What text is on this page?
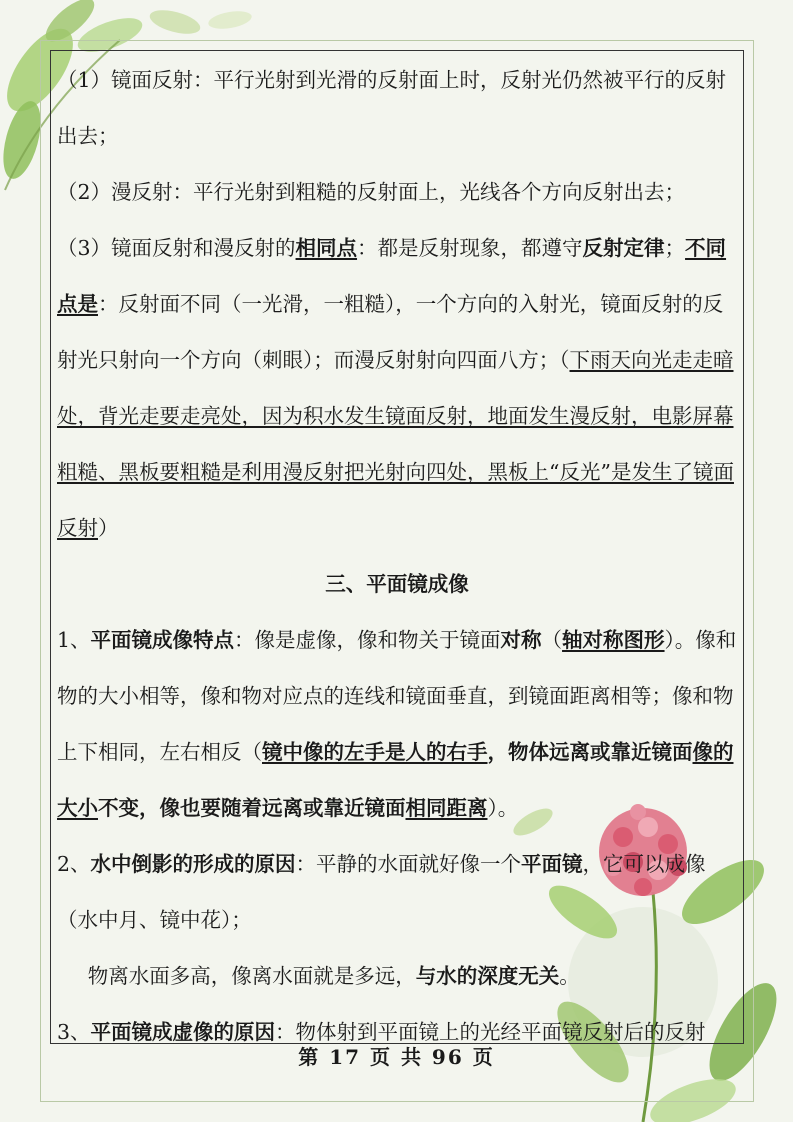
（1）镜面反射：平行光射到光滑的反射面上时，反射光仍然被平行的反射出去；

（2）漫反射：平行光射到粗糙的反射面上，光线各个方向反射出去；

（3）镜面反射和漫反射的相同点：都是反射现象，都遵守反射定律；不同点是：反射面不同（一光滑，一粗糙），一个方向的入射光，镜面反射的反射光只射向一个方向（刺眼）；而漫反射射向四面八方；（下雨天向光走走暗处，背光走要走亮处，因为积水发生镜面反射，地面发生漫反射，电影屏幕粗糙、黑板要粗糙是利用漫反射把光射向四处，黑板上“反光”是发生了镜面反射）

三、平面镜成像

1、平面镜成像特点：像是虚像，像和物关于镜面对称（轴对称图形）。像和物的大小相等，像和物对应点的连线和镜面垂直，到镜面距离相等；像和物上下相同，左右相反（镜中像的左手是人的右手，物体远离或靠近镜面像的大小不变，像也要随着远离或靠近镜面相同距离）。

2、水中倒影的形成的原因：平静的水面就好像一个平面镜，它可以成像（水中月、镜中花）；

物离水面多高，像离水面就是多远，与水的深度无关。

3、平面镜成虚像的原因：物体射到平面镜上的光经平面镜反射后的反射

第 17 页 共 96 页
